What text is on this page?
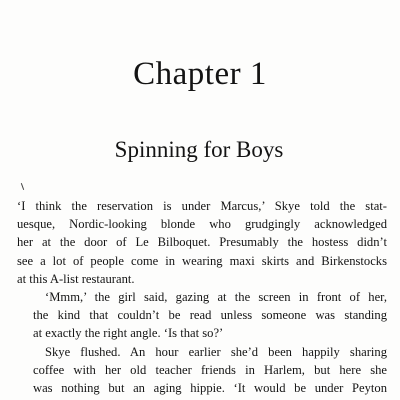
Chapter 1
Spinning for Boys

‘I think the reservation is under Marcus,’ Skye told the stat-
uesque, Nordic-looking blonde who grudgingly acknowledged
her at the door of Le Bilboquet. Presumably the hostess didn’t
see a lot of people come in wearing maxi skirts and Birkenstocks
at this A-list restaurant.

‘Mmm,’ the girl said, gazing at the screen in front of her,
the kind that couldn’t be read unless someone was standing
at exactly the right angle. ‘Is that so?’

Skye flushed. An hour earlier she’d been happily sharing
coffee with her old teacher friends in Harlem, but here she
was nothing but an aging hippie. ‘It would be under Peyton
